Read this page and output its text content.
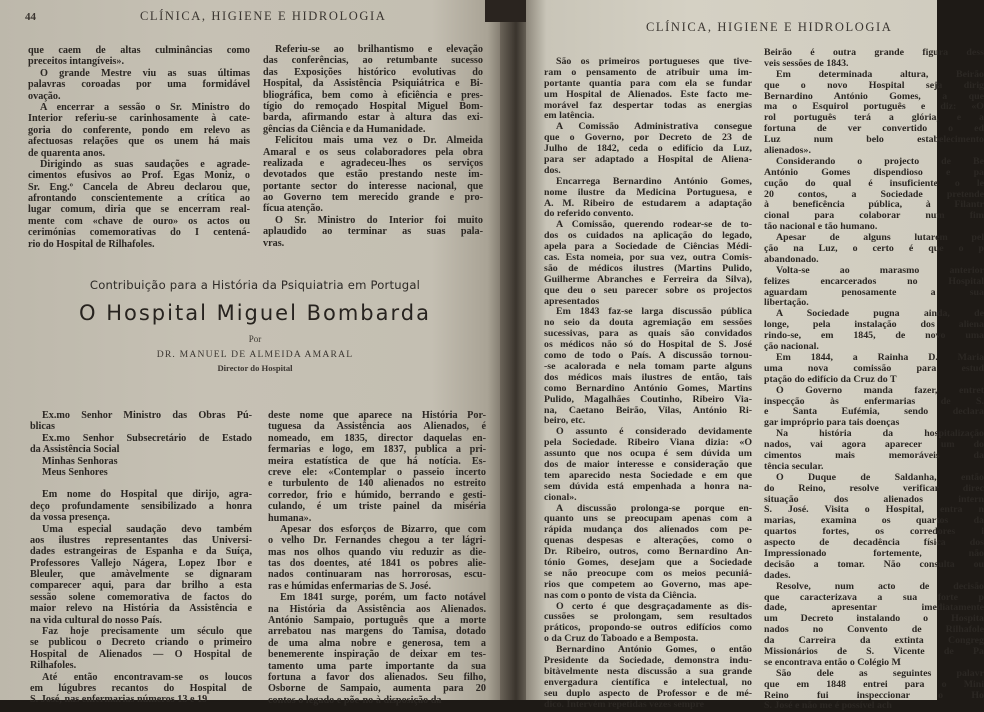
44	CLÍNICA, HIGIENE E HIDROLOGIA
que caem de altas culminâncias como
preceitos intangíveis».
O grande Mestre viu as suas últimas
palavras coroadas por uma formidável
ovação.
A encerrar a sessão o Sr. Ministro do
Interior referiu-se carinhosamente à cate-
goria do conferente, pondo em relevo as
afectuosas relações que os unem há mais
de quarenta anos.
Dirigindo as suas saudações e agrade-
cimentos efusivos ao Prof. Egas Moniz, o
Sr. Eng.º Cancela de Abreu declarou que,
afrontando conscientemente a crítica ao
lugar comum, diria que se encerram real-
mente com «chave de ouro» os actos ou
cerimónias comemorativas do I centená-
rio do Hospital de Rilhafoles.
Referiu-se ao brilhantismo e elevação
das conferências, ao retumbante sucesso
das Exposições histórico evolutivas do
Hospital, da Assistência Psiquiátrica e Bi-
bliográfica, bem como à eficiência e pres-
tígio do remoçado Hospital Miguel Bom-
barda, afirmando estar à altura das exi-
gências da Ciência e da Humanidade.
Felicitou mais uma vez o Dr. Almeida
Amaral e os seus colaboradores pela obra
realizada e agradeceu-lhes os serviços
devotados que estão prestando neste im-
portante sector do interesse nacional, que
ao Governo tem merecido grande e pro-
fícua atenção.
O Sr. Ministro do Interior foi muito
aplaudido ao terminar as suas pala-
vras.
Contribuição para a História da Psiquiatria em Portugal
O Hospital Miguel Bombarda
Por
DR. MANUEL DE ALMEIDA AMARAL
Director do Hospital
Ex.mo Senhor Ministro das Obras Pú-
blicas
Ex.mo Senhor Subsecretário de Estado
da Assistência Social
Minhas Senhoras
Meus Senhores
Em nome do Hospital que dirijo, agra-
deço profundamente sensibilizado a honra
da vossa presença.
Uma especial saudação devo também
aos ilustres representantes das Universi-
dades estrangeiras de Espanha e da Suíça,
Professores Vallejo Nágera, Lopez Ibor e
Bleuler, que amàvelmente se dignaram
comparecer aqui, para dar brilho a esta
sessão solene comemorativa de factos do
maior relevo na História da Assistência e
na vida cultural do nosso País.
Faz hoje precisamente um século que
se publicou o Decreto criando o primeiro
Hospital de Alienados — O Hospital de
Rilhafoles.
Até então encontravam-se os loucos
em lúgubres recantos do Hospital de
S. José, nas enfermarias números 13 e 19
deste nome que aparece na História Por-
tuguesa da Assistência aos Alienados, é
nomeado, em 1835, director daquelas en-
fermarias e logo, em 1837, publica a pri-
meira estatística de que há notícia. Es-
creve ele: «Contemplar o passeio incerto
e turbulento de 140 alienados no estreito
corredor, frio e húmido, berrando e gesti-
culando, é um triste painel da miséria
humana».
Apesar dos esforços de Bizarro, que com
o velho Dr. Fernandes chegou a ter lágri-
mas nos olhos quando viu reduzir as die-
tas dos doentes, até 1841 os pobres alie-
nados continuaram nas horrorosas, escu-
ras e húmidas enfermarias de S. José.
Em 1841 surge, porém, um facto notável
na História da Assistência aos Alienados.
António Sampaio, português que a morte
arrebatou nas margens do Tamisa, dotado
de uma alma nobre e generosa, tem a
benemerente inspiração de deixar em tes-
tamento uma parte importante da sua
fortuna a favor dos alienados. Seu filho,
Osborne de Sampaio, aumenta para 20
contos o legado e põe-no à disposição da
CLÍNICA, HIGIENE E HIDROLOGIA
São os primeiros portugueses que tive-
ram o pensamento de atribuir uma im-
portante quantia para com ela se fundar
um Hospital de Alienados. Este facto me-
morável faz despertar todas as energias
em latência.
A Comissão Administrativa consegue
que o Governo, por Decreto de 23 de
Julho de 1842, ceda o edifício da Luz,
para ser adaptado a Hospital de Aliena-
dos.
Encarrega Bernardino António Gomes,
nome ilustre da Medicina Portuguesa, e
A. M. Ribeiro de estudarem a adaptação
do referido convento.
A Comissão, querendo rodear-se de to-
dos os cuidados na aplicação do legado,
apela para a Sociedade de Ciências Médi-
cas. Esta nomeia, por sua vez, outra Comis-
são de médicos ilustres (Martins Pulido,
Guilherme Abranches e Ferreira da Silva),
que deu o seu parecer sobre os projectos
apresentados
Em 1843 faz-se larga discussão pública
no seio da douta agremiação em sessões
sucessivas, para as quais são convidados
os médicos não só do Hospital de S. José
como de todo o País. A discussão tornou-
-se acalorada e nela tomam parte alguns
dos médicos mais ilustres de então, tais
como Bernardino António Gomes, Martins
Pulido, Magalhães Coutinho, Ribeiro Via-
na, Caetano Beirão, Vilas, António Ri-
beiro, etc.
O assunto é considerado devidamente
pela Sociedade. Ribeiro Viana dizia: «O
assunto que nos ocupa é sem dúvida um
dos de maior interesse e consideração que
tem aparecido nesta Sociedade e em que
sem dúvida está empenhada a honra na-
cional».
A discussão prolonga-se porque en-
quanto uns se preocupam apenas com a
rápida mudança dos alienados com pe-
quenas despesas e alterações, como o
Dr. Ribeiro, outros, como Bernardino An-
tónio Gomes, desejam que a Sociedade
se não preocupe com os meios pecuniá-
rios que competem ao Governo, mas ape-
nas com o ponto de vista da Ciência.
O certo é que desgraçadamente as dis-
cussões se prolongam, sem resultados
práticos, propondo-se outros edifícios como
o da Cruz do Taboado e a Bemposta.
Bernardino António Gomes, o então
Presidente da Sociedade, demonstra indu-
bitàvelmente nesta discussão a sua grande
envergadura científica e intelectual, no
seu duplo aspecto de Professor e de mé-
dico. Intervém repetidas vezes sempre
Beirão é outra grande figura dess
veis sessões de 1843.
Em determinada altura, Beirão
que o novo Hospital seja dirig
Bernardino António Gomes, a que
ma o Esquirol português e diz: «O
rol português terá a glória, e a
fortuna de ver convertido o ed
Luz num belo estabelecimento
alienados».
Considerando o projecto de Be
António Gomes dispendioso e pa
cução do qual é insuficiente o le
20 contos, a Sociedade pretende
à beneficência pública, à Filantr
cional para colaborar num fim
tão nacional e tão humano.
Apesar de alguns lutarem pel
ção na Luz, o certo é que o p
abandonado.
Volta-se ao marasmo anterior
felizes encarcerados no Hospital
aguardam penosamente a sua
libertação.
A Sociedade pugna ainda, de
longe, pela instalação dos aliena
rindo-se, em 1845, de novo uma
ção nacional.
Em 1844, a Rainha D. Maria
uma nova comissão para estud
ptação do edifício da Cruz do T
O Governo manda fazer, entret
inspecção às enfermarias de S.
e Santa Eufémia, sendo declara
gar impróprio para tais doenças
Na história da hospitalização
nados, vai agora aparecer um do
cimentos mais memoráveis da
tência secular.
O Duque de Saldanha, então
do Reino, resolve verificar direc
situação dos alienados intern
S. José. Visita o Hospital, entra n
marias, examina os quartos da
quartos fortes, os corredores i
aspecto de decadência física dos
Impressionado fortemente, não
decisão a tomar. Não consulta ou
dades.
Resolve, num acto de decisão
que caracterizava a sua forte p
dade, apresentar imediatamente
um Decreto instalando o Hospita
nados no Convento de Rilhafole
da Carreira da extinta Congreg
Missionários de S. Vicente de Pa
se encontrava então o Colégio M
São dele as seguintes palavr
que em 1848 entrei para o Mini
Reino fui inspeccionar o Ho
S. José e não me é possível ach
